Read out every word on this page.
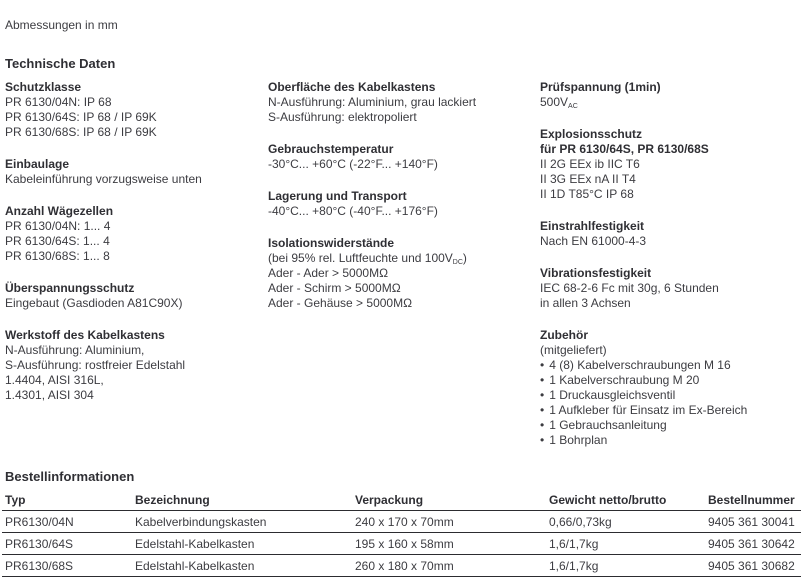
Abmessungen in mm

Technische Daten
Schutzklasse

PR 6130/04N: IP 68

PR 6130/64S: IP 68 / IP 69K

PR 6130/68S: IP 68 / IP 69K

Einbaulage

Kabeleinführung vorzugsweise unten

Anzahl Wägezellen

PR 6130/04N: 1... 4

PR 6130/64S: 1... 4

PR 6130/68S: 1... 8

Überspannungsschutz

Eingebaut (Gasdioden A81C90X)

Werkstoff des Kabelkastens

N-Ausführung: Aluminium,

S-Ausführung: rostfreier Edelstahl

1.4404, AISI 316L,

1.4301, AISI 304

Oberfläche des Kabelkastens

N-Ausführung: Aluminium, grau lackiert

S-Ausführung: elektropoliert

Gebrauchstemperatur

-30°C... +60°C (-22°F... +140°F)

Lagerung und Transport

-40°C... +80°C (-40°F... +176°F)

Isolationswiderstände

(bei 95% rel. Luftfeuchte und $100V_{DC}$)

Ader - Ader > 5000MΩ

Ader - Schirm > 5000MΩ

Ader - Gehäuse > 5000MΩ

Prüfspannung (1min)

$500V_{AC}$

Explosionsschutz
für PR 6130/64S, PR 6130/68S

II 2G EEx ib IIC T6

II 3G EEx nA II T4

II 1D T85°C IP 68

Einstrahlfestigkeit

Nach EN 61000-4-3

Vibrationsfestigkeit

IEC 68-2-6 Fc mit 30g, 6 Stunden

in allen 3 Achsen

Zubehör

(mitgeliefert)

• 4 (8) Kabelverschraubungen M 16
• 1 Kabelverschraubung M 20
• 1 Druckausgleichsventil
• 1 Aufkleber für Einsatz im Ex-Bereich
• 1 Gebrauchsanleitung
• 1 Bohrplan
Bestellinformationen
Typ	Bezeichnung	Verpackung	Gewicht netto/brutto	Bestellnummer
PR6130/04N	Kabelverbindungskasten	240 x 170 x 70mm	0,66/0,73kg	9405 361 30041
PR6130/64S	Edelstahl-Kabelkasten	195 x 160 x 58mm	1,6/1,7kg	9405 361 30642
PR6130/68S	Edelstahl-Kabelkasten	260 x 180 x 70mm	1,6/1,7kg	9405 361 30682
